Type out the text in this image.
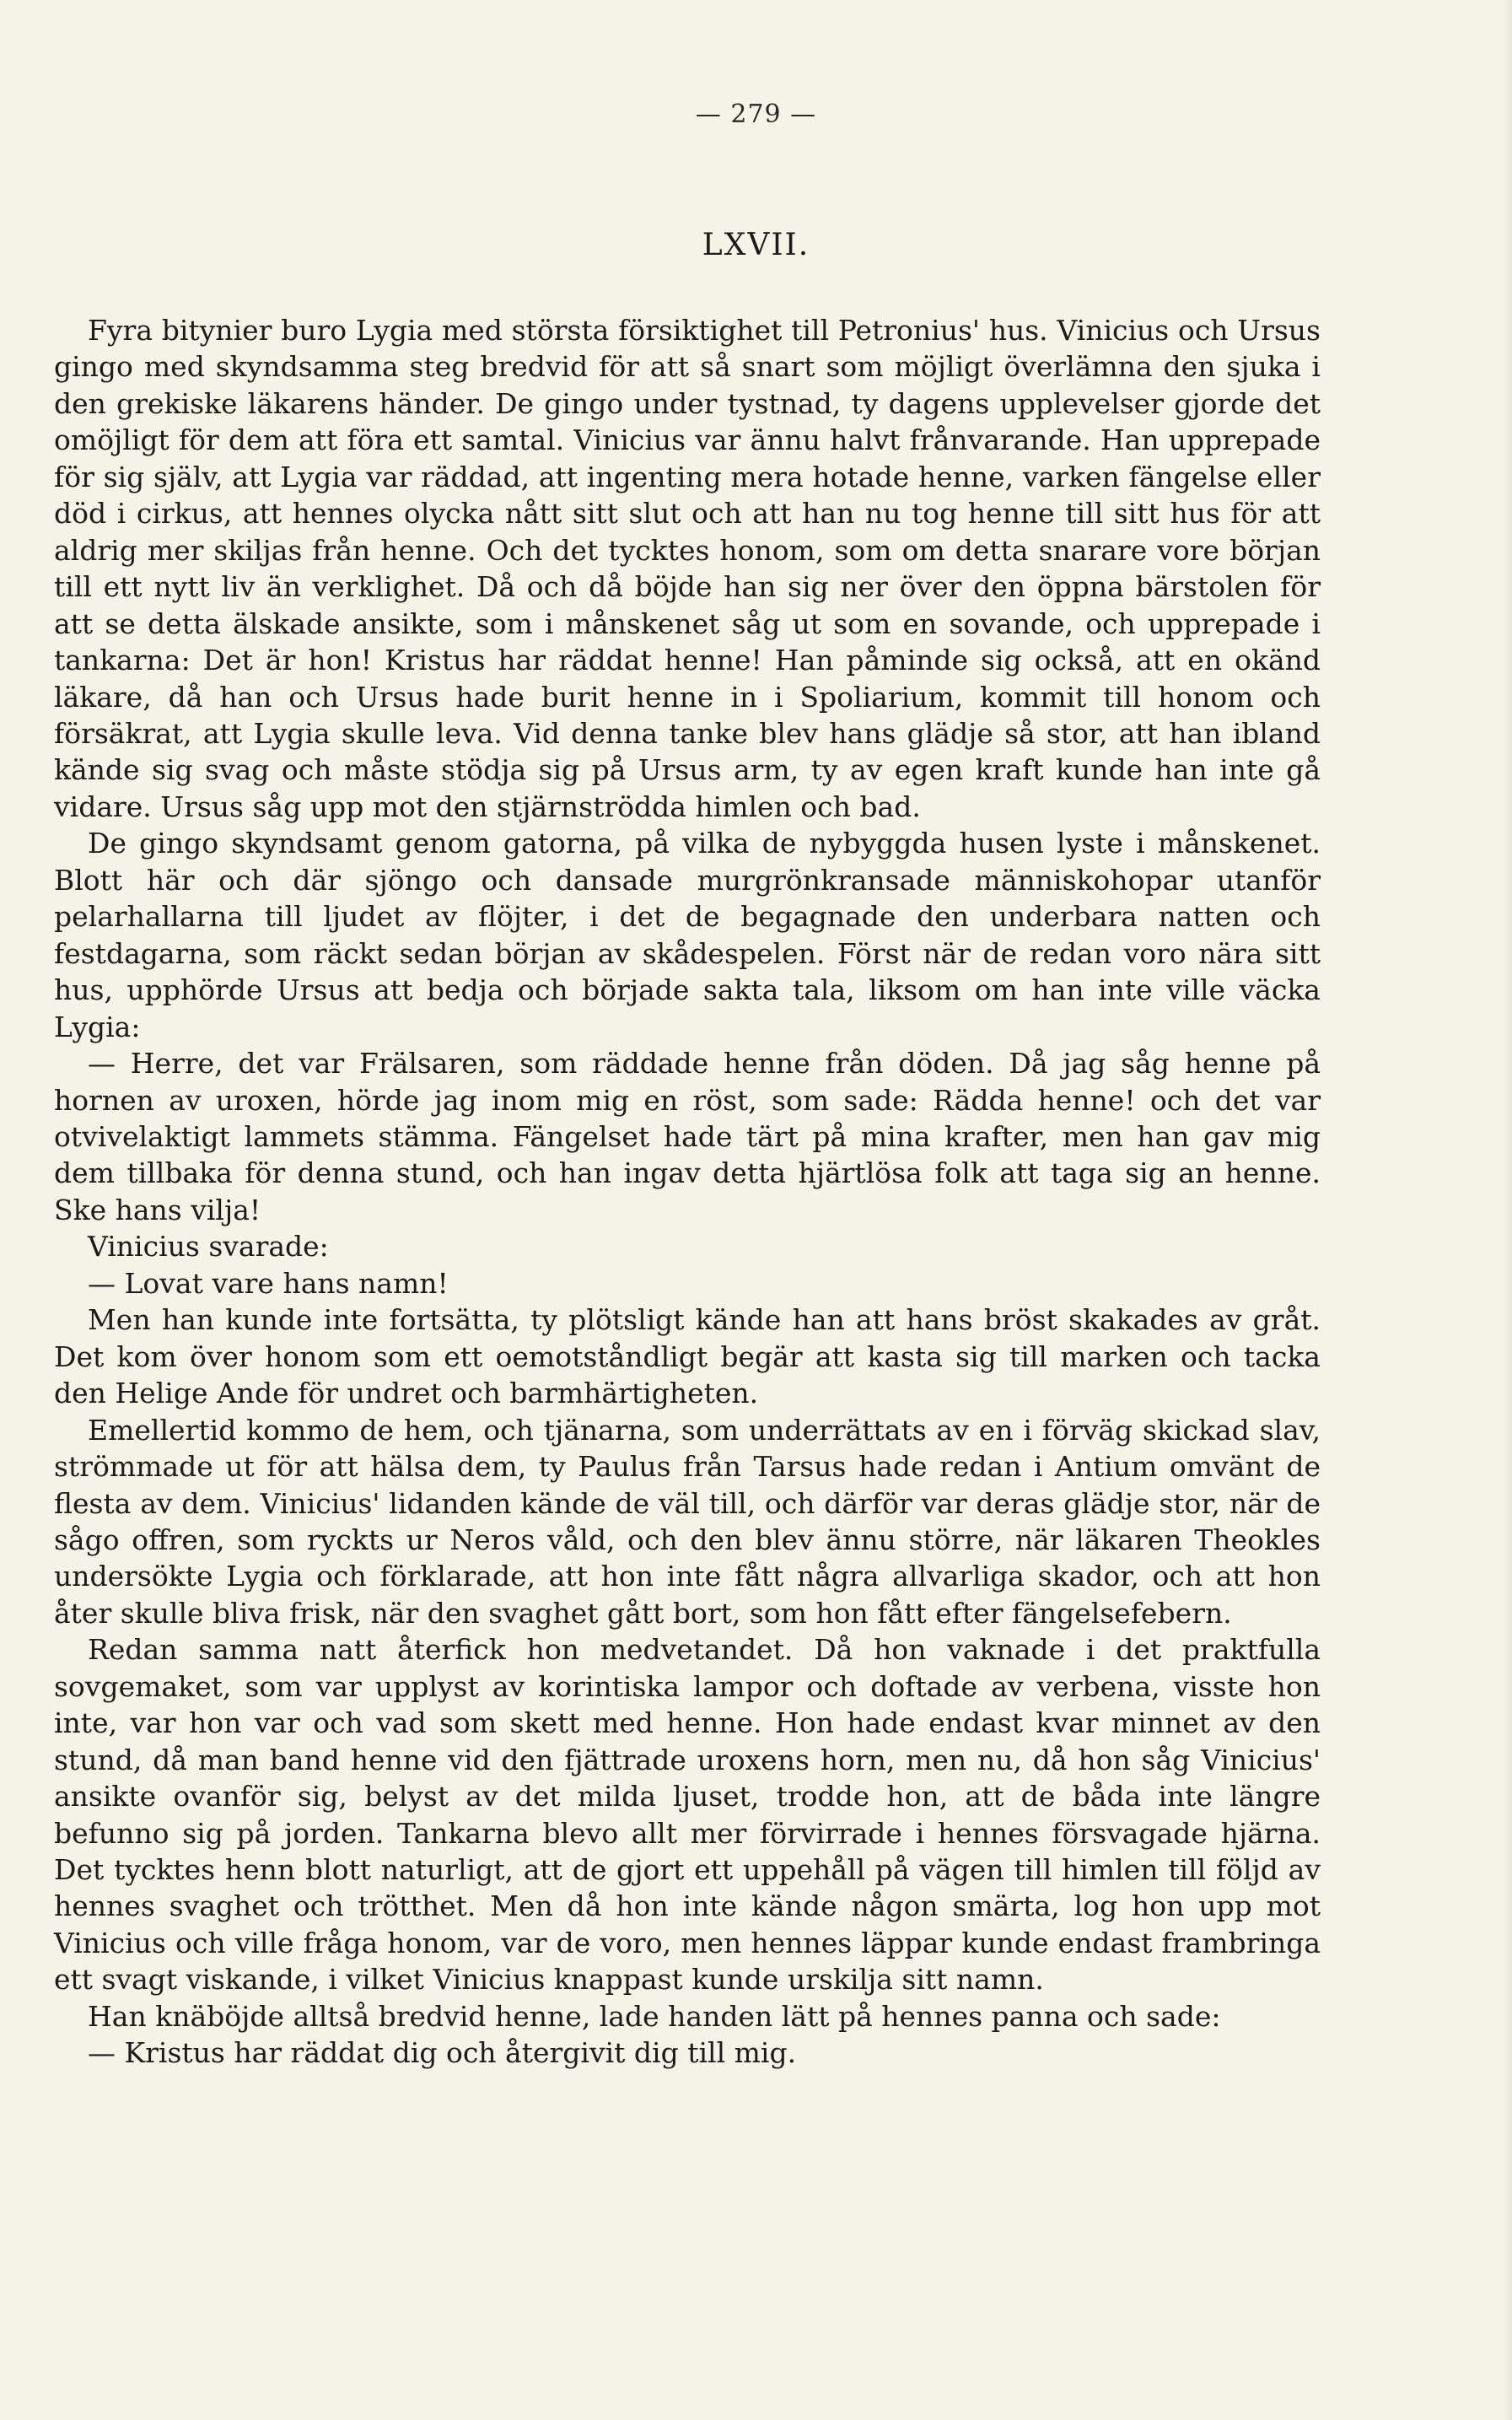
— 279 —
LXVII.

Fyra bitynier buro Lygia med största försiktighet till Petronius' hus. Vinicius och Ursus gingo med skyndsamma steg bredvid för att så snart som möjligt överlämna den sjuka i den grekiske läkarens händer. De gingo under tystnad, ty dagens upplevelser gjorde det omöjligt för dem att föra ett samtal. Vinicius var ännu halvt frånvarande. Han upprepade för sig själv, att Lygia var räddad, att ingenting mera hotade henne, varken fängelse eller död i cirkus, att hennes olycka nått sitt slut och att han nu tog henne till sitt hus för att aldrig mer skiljas från henne. Och det tycktes honom, som om detta snarare vore början till ett nytt liv än verklighet. Då och då böjde han sig ner över den öppna bärstolen för att se detta älskade ansikte, som i månskenet såg ut som en sovande, och upprepade i tankarna: Det är hon! Kristus har räddat henne! Han påminde sig också, att en okänd läkare, då han och Ursus hade burit henne in i Spoliarium, kommit till honom och försäkrat, att Lygia skulle leva. Vid denna tanke blev hans glädje så stor, att han ibland kände sig svag och måste stödja sig på Ursus arm, ty av egen kraft kunde han inte gå vidare. Ursus såg upp mot den stjärnströdda himlen och bad.

De gingo skyndsamt genom gatorna, på vilka de nybyggda husen lyste i månskenet. Blott här och där sjöngo och dansade murgrönkransade människohopar utanför pelarhallarna till ljudet av flöjter, i det de begagnade den underbara natten och festdagarna, som räckt sedan början av skådespelen. Först när de redan voro nära sitt hus, upphörde Ursus att bedja och började sakta tala, liksom om han inte ville väcka Lygia:

— Herre, det var Frälsaren, som räddade henne från döden. Då jag såg henne på hornen av uroxen, hörde jag inom mig en röst, som sade: Rädda henne! och det var otvivelaktigt lammets stämma. Fängelset hade tärt på mina krafter, men han gav mig dem tillbaka för denna stund, och han ingav detta hjärtlösa folk att taga sig an henne. Ske hans vilja!

Vinicius svarade:

— Lovat vare hans namn!

Men han kunde inte fortsätta, ty plötsligt kände han att hans bröst skakades av gråt. Det kom över honom som ett oemotståndligt begär att kasta sig till marken och tacka den Helige Ande för undret och barmhärtigheten.

Emellertid kommo de hem, och tjänarna, som underrättats av en i förväg skickad slav, strömmade ut för att hälsa dem, ty Paulus från Tarsus hade redan i Antium omvänt de flesta av dem. Vinicius' lidanden kände de väl till, och därför var deras glädje stor, när de sågo offren, som ryckts ur Neros våld, och den blev ännu större, när läkaren Theokles undersökte Lygia och förklarade, att hon inte fått några allvarliga skador, och att hon åter skulle bliva frisk, när den svaghet gått bort, som hon fått efter fängelsefebern.

Redan samma natt återfick hon medvetandet. Då hon vaknade i det praktfulla sovgemaket, som var upplyst av korintiska lampor och doftade av verbena, visste hon inte, var hon var och vad som skett med henne. Hon hade endast kvar minnet av den stund, då man band henne vid den fjättrade uroxens horn, men nu, då hon såg Vinicius' ansikte ovanför sig, belyst av det milda ljuset, trodde hon, att de båda inte längre befunno sig på jorden. Tankarna blevo allt mer förvirrade i hennes försvagade hjärna. Det tycktes henn blott naturligt, att de gjort ett uppehåll på vägen till himlen till följd av hennes svaghet och trötthet. Men då hon inte kände någon smärta, log hon upp mot Vinicius och ville fråga honom, var de voro, men hennes läppar kunde endast frambringa ett svagt viskande, i vilket Vinicius knappast kunde urskilja sitt namn.

Han knäböjde alltså bredvid henne, lade handen lätt på hennes panna och sade:

— Kristus har räddat dig och återgivit dig till mig.
